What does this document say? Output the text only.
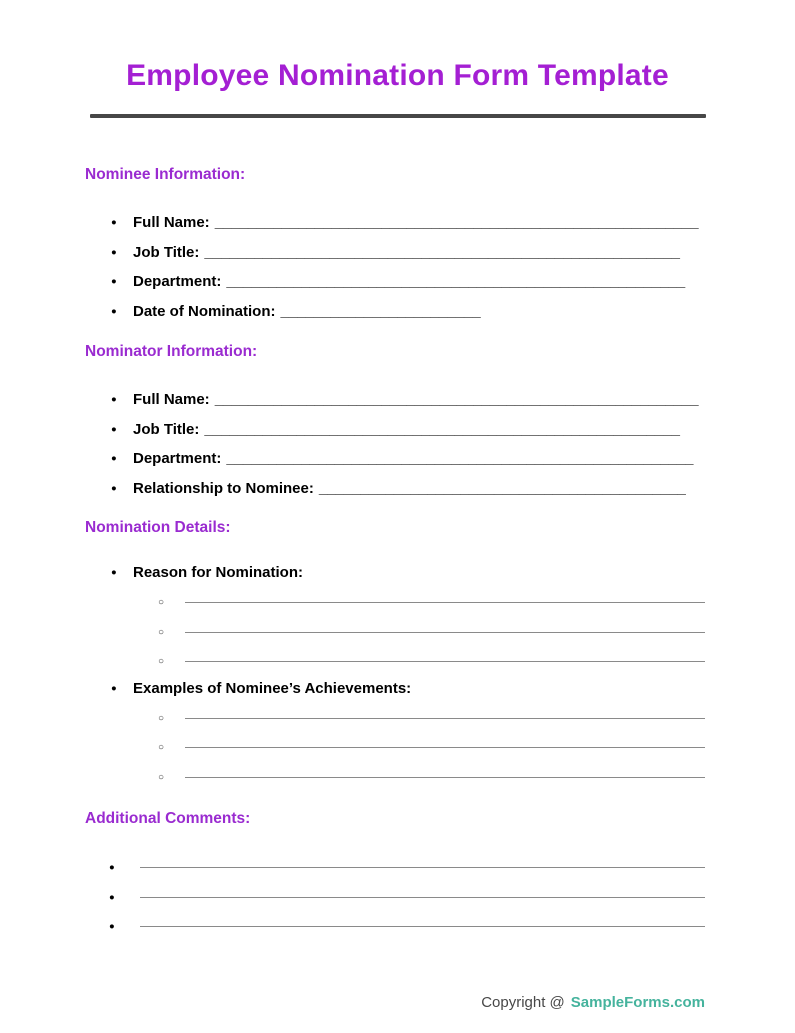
Employee Nomination Form Template
Nominee Information:
● Full Name: __________________________________________________________
● Job Title: _________________________________________________________
● Department: _______________________________________________________
● Date of Nomination: ________________________
Nominator Information:
● Full Name: __________________________________________________________
● Job Title: _________________________________________________________
● Department: ________________________________________________________
● Relationship to Nominee: ____________________________________________
Nomination Details:
● Reason for Nomination:
○
○
○
● Examples of Nominee’s Achievements:
○
○
○
Additional Comments:
●
●
●
Copyright @ SampleForms.com
